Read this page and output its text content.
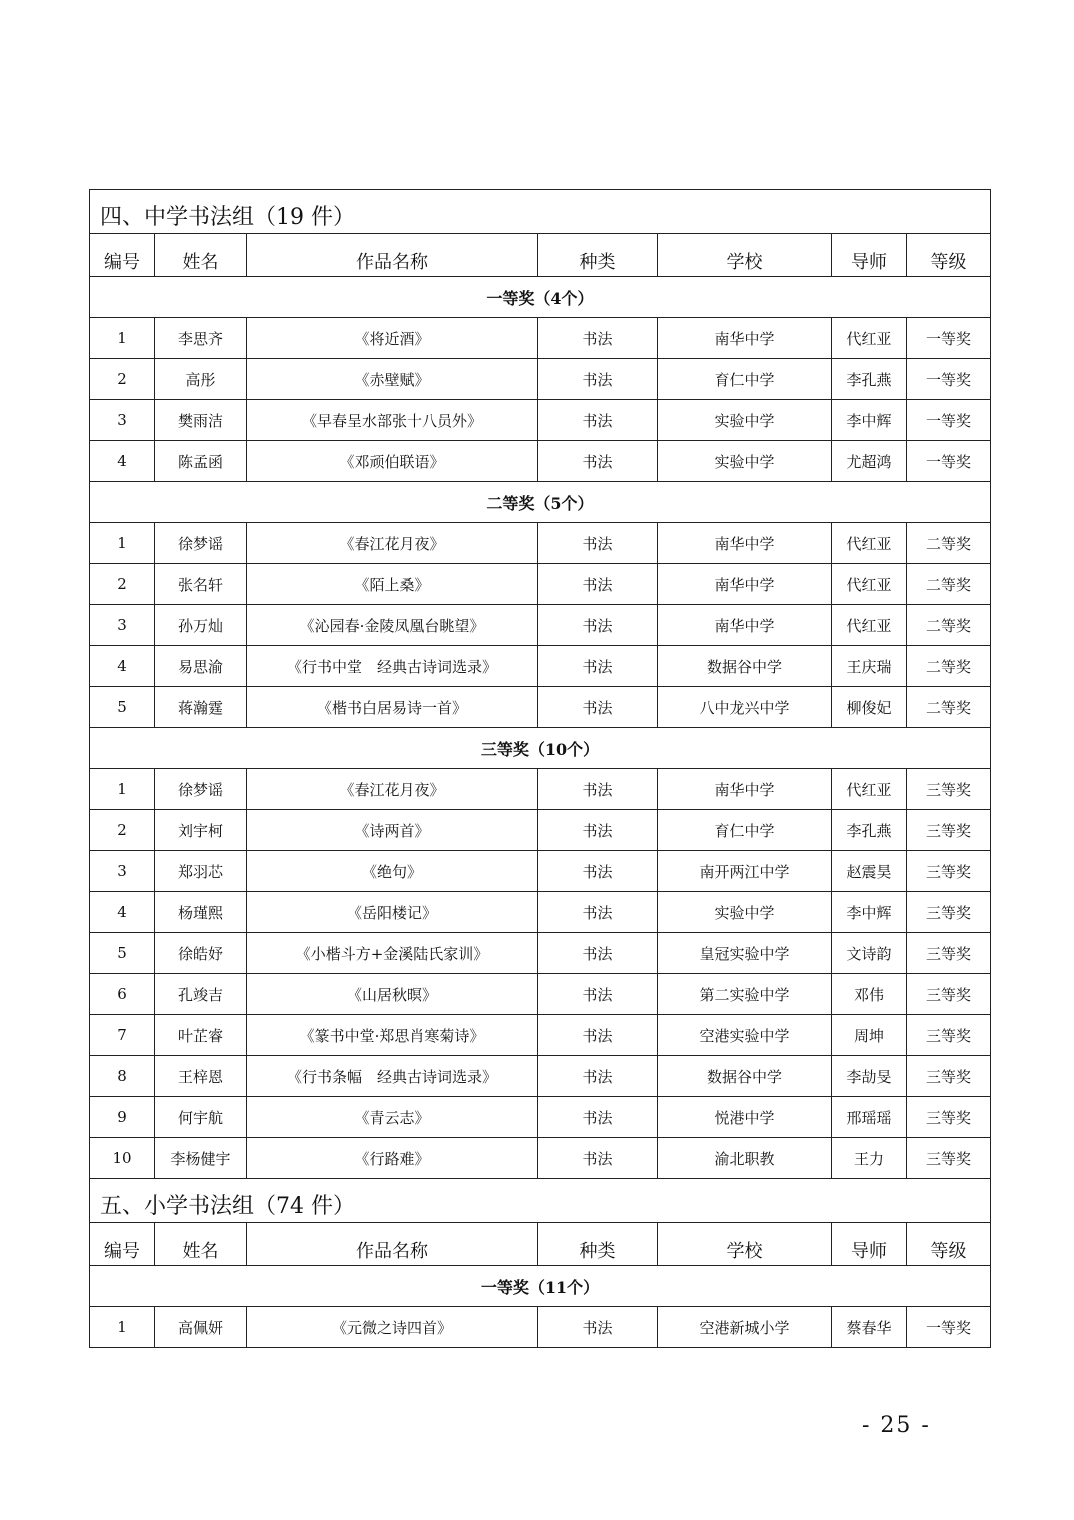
四、中学书法组（19 件）						
编号	姓名	作品名称	种类	学校	导师	等级
一等奖（4个）						
1	李思齐	《将近酒》	书法	南华中学	代红亚	一等奖
2	高彤	《赤壁赋》	书法	育仁中学	李孔燕	一等奖
3	樊雨洁	《早春呈水部张十八员外》	书法	实验中学	李中辉	一等奖
4	陈孟函	《邓顽伯联语》	书法	实验中学	尤超鸿	一等奖
二等奖（5个）						
1	徐梦谣	《春江花月夜》	书法	南华中学	代红亚	二等奖
2	张名轩	《陌上桑》	书法	南华中学	代红亚	二等奖
3	孙万灿	《沁园春·金陵凤凰台眺望》	书法	南华中学	代红亚	二等奖
4	易思渝	《行书中堂　经典古诗词选录》	书法	数据谷中学	王庆瑞	二等奖
5	蒋瀚霆	《楷书白居易诗一首》	书法	八中龙兴中学	柳俊妃	二等奖
三等奖（10个）						
1	徐梦谣	《春江花月夜》	书法	南华中学	代红亚	三等奖
2	刘宇柯	《诗两首》	书法	育仁中学	李孔燕	三等奖
3	郑羽芯	《绝句》	书法	南开两江中学	赵震昊	三等奖
4	杨瑾熙	《岳阳楼记》	书法	实验中学	李中辉	三等奖
5	徐皓妤	《小楷斗方+金溪陆氏家训》	书法	皇冠实验中学	文诗韵	三等奖
6	孔竣吉	《山居秋暝》	书法	第二实验中学	邓伟	三等奖
7	叶芷睿	《篆书中堂·郑思肖寒菊诗》	书法	空港实验中学	周坤	三等奖
8	王梓恩	《行书条幅　经典古诗词选录》	书法	数据谷中学	李劼旻	三等奖
9	何宇航	《青云志》	书法	悦港中学	邢瑶瑶	三等奖
10	李杨健宇	《行路难》	书法	渝北职教	王力	三等奖
五、小学书法组（74 件）						
编号	姓名	作品名称	种类	学校	导师	等级
一等奖（11个）						
1	高佩妍	《元微之诗四首》	书法	空港新城小学	蔡春华	一等奖
- 25 -
